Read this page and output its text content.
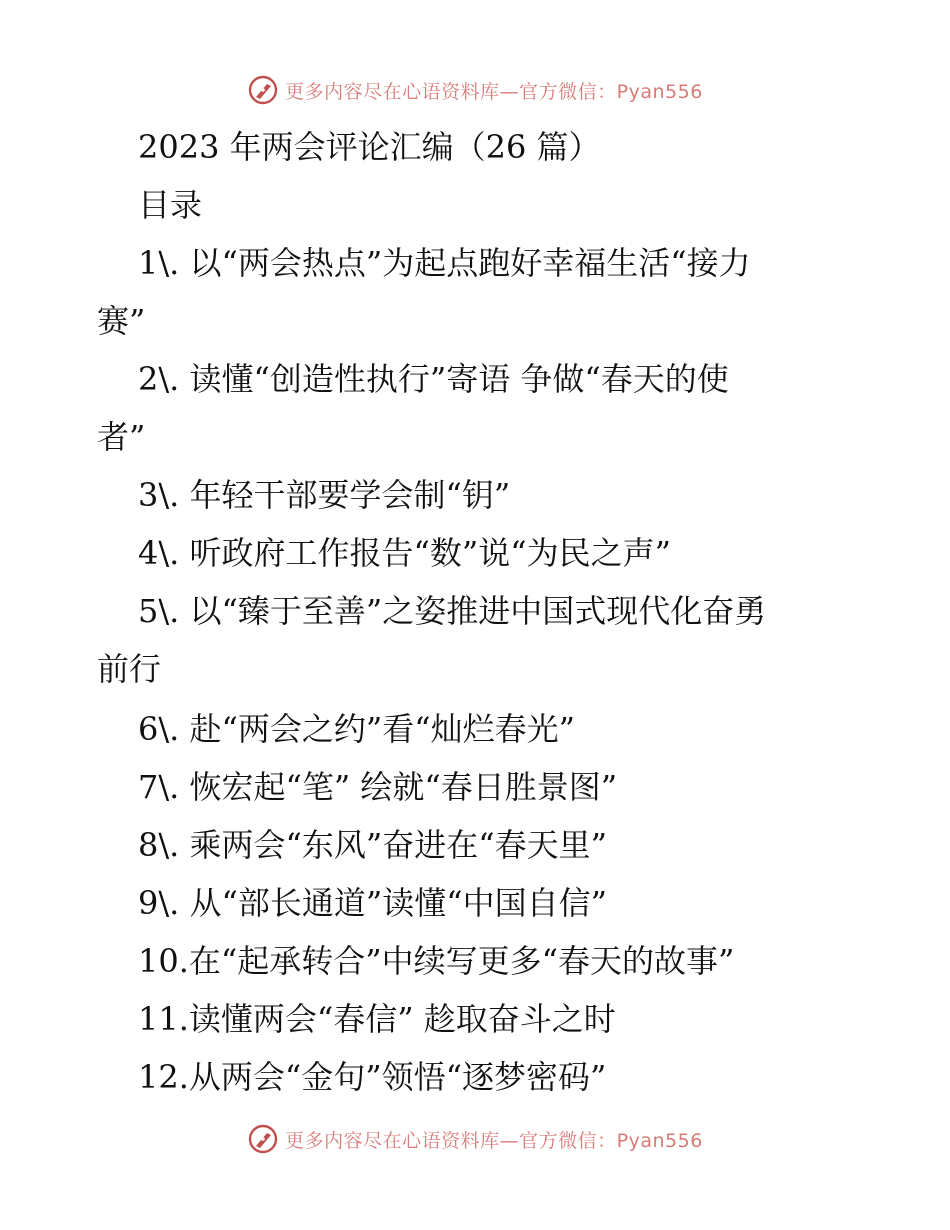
更多内容尽在心语资料库—官方微信：Pyan556
2023 年两会评论汇编（26 篇）
目录
1\. 以“两会热点”为起点跑好幸福生活“接力
赛”
2\. 读懂“创造性执行”寄语 争做“春天的使
者”
3\. 年轻干部要学会制“钥”
4\. 听政府工作报告“数”说“为民之声”
5\. 以“臻于至善”之姿推进中国式现代化奋勇
前行
6\. 赴“两会之约”看“灿烂春光”
7\. 恢宏起“笔” 绘就“春日胜景图”
8\. 乘两会“东风”奋进在“春天里”
9\. 从“部长通道”读懂“中国自信”
10.在“起承转合”中续写更多“春天的故事”
11.读懂两会“春信” 趁取奋斗之时
12.从两会“金句”领悟“逐梦密码”
更多内容尽在心语资料库—官方微信：Pyan556
